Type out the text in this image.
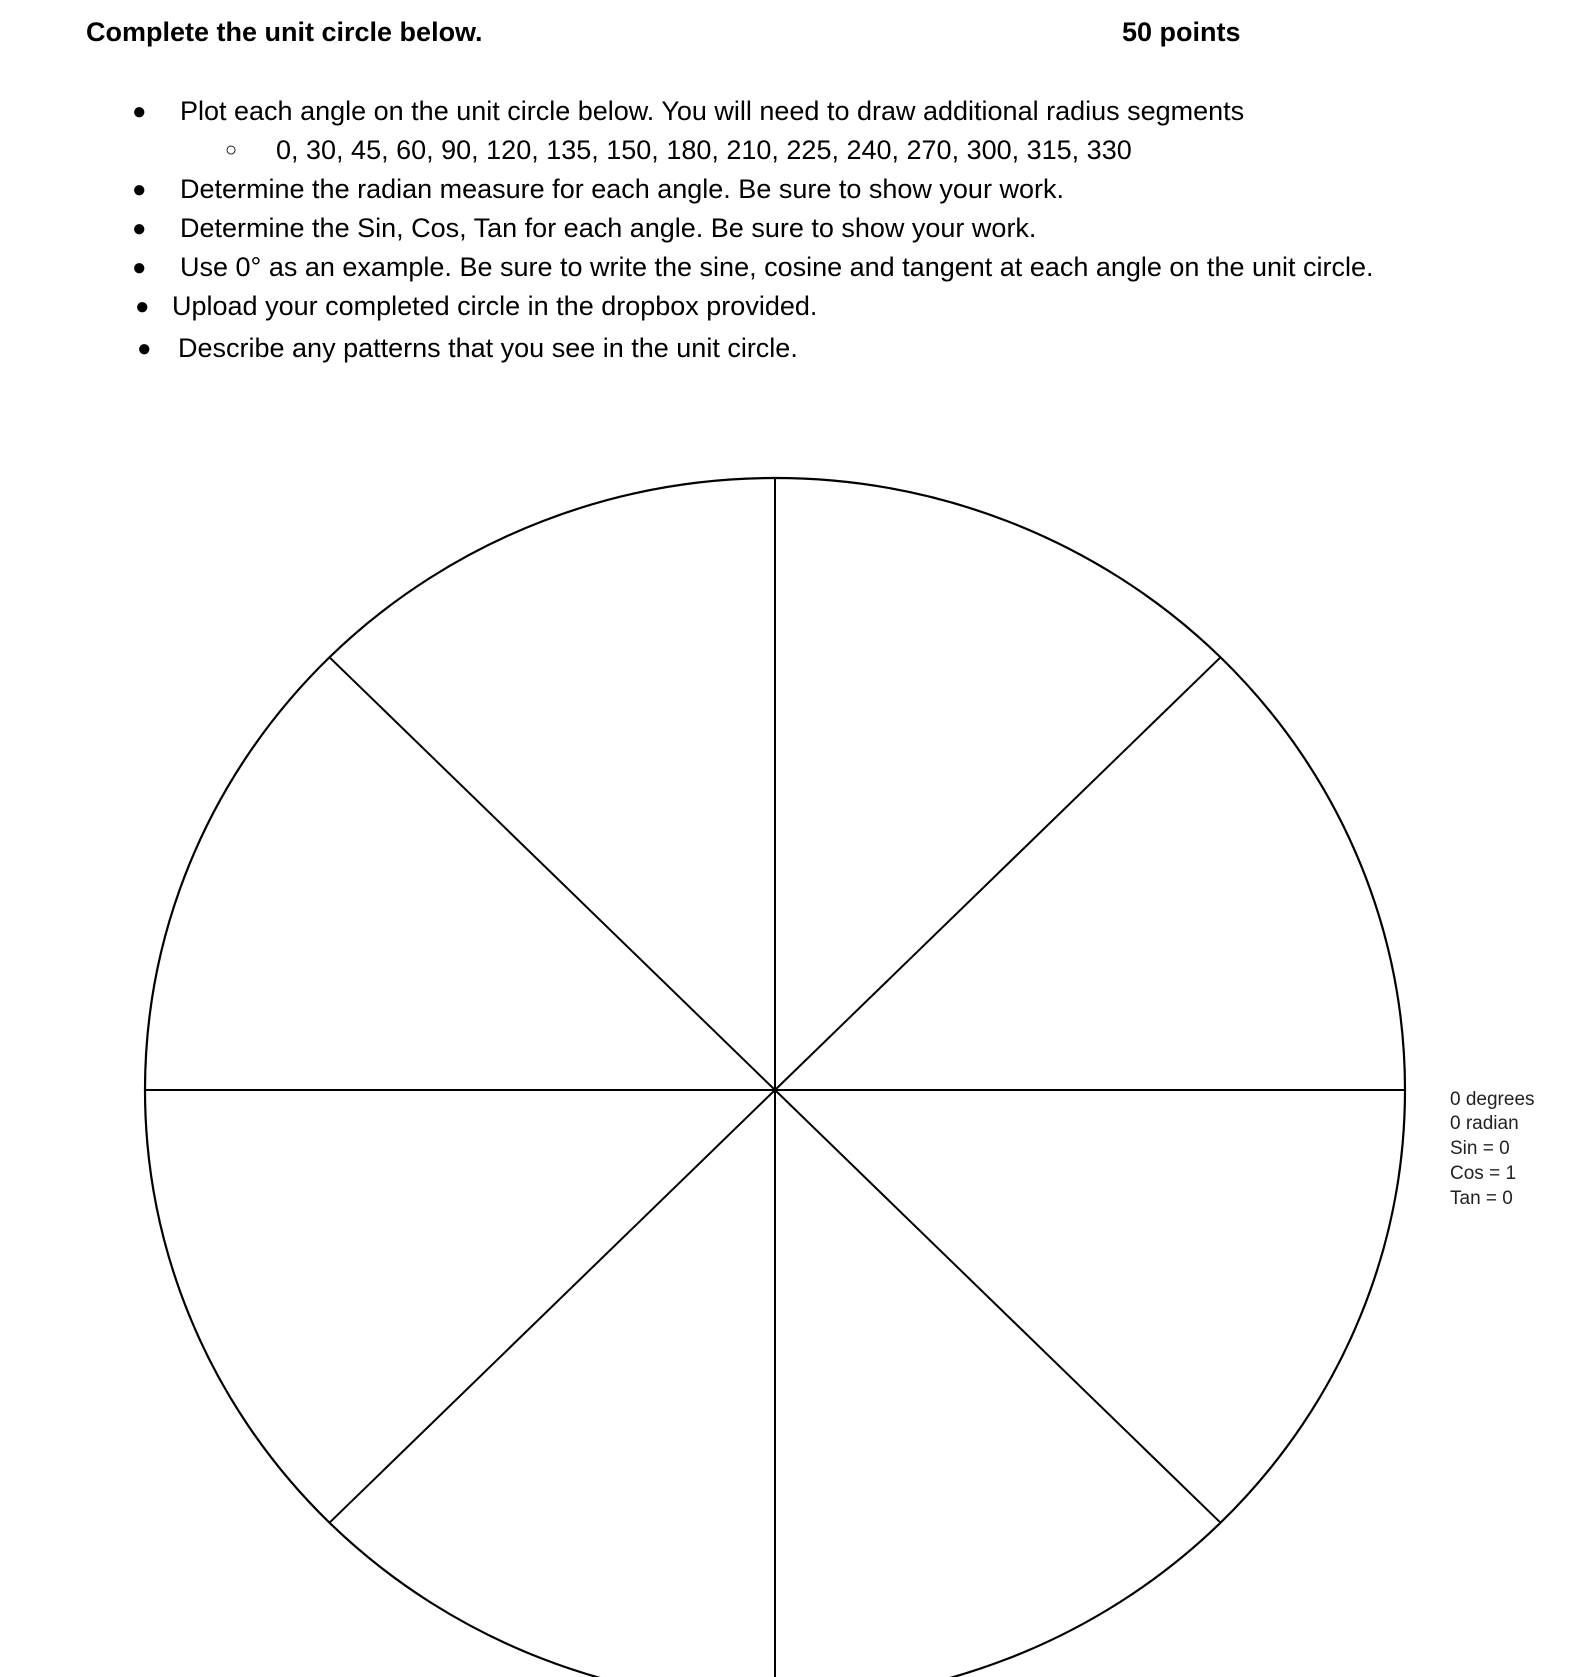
Complete the unit circle below.	50 points
● Plot each angle on the unit circle below. You will need to draw additional radius segments
○ 0, 30, 45, 60, 90, 120, 135, 150, 180, 210, 225, 240, 270, 300, 315, 330
● Determine the radian measure for each angle. Be sure to show your work.
● Determine the Sin, Cos, Tan for each angle. Be sure to show your work.
● Use 0° as an example. Be sure to write the sine, cosine and tangent at each angle on the unit circle.
● Upload your completed circle in the dropbox provided.
● Describe any patterns that you see in the unit circle.
0 degrees
0 radian
Sin = 0
Cos = 1
Tan = 0
